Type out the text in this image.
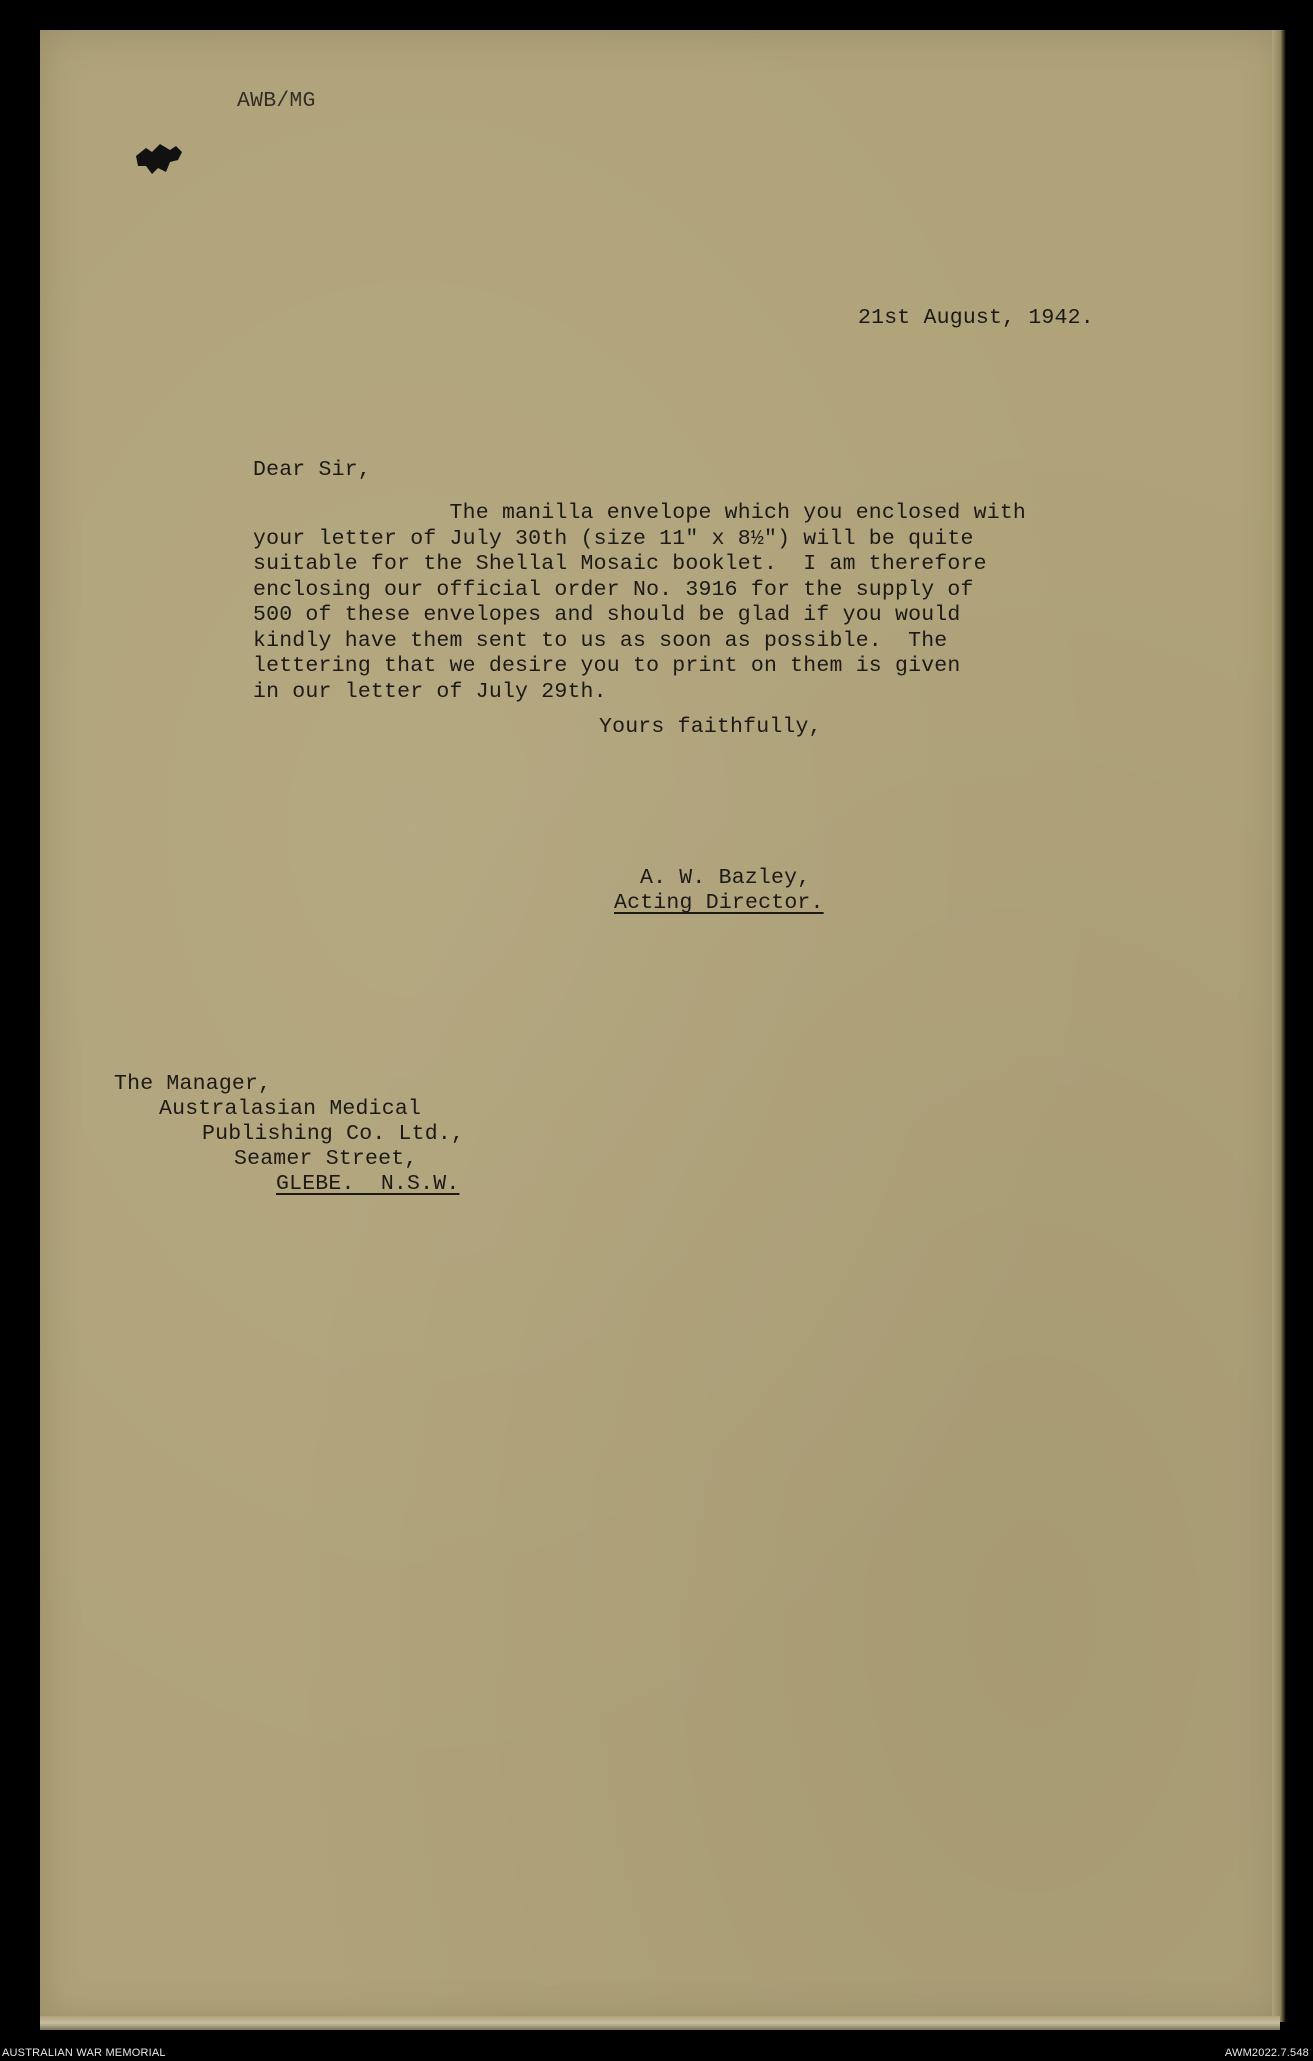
AWB/MG
21st August, 1942.
Dear Sir,
The manilla envelope which you enclosed with
your letter of July 30th (size 11" x 8½") will be quite
suitable for the Shellal Mosaic booklet.  I am therefore
enclosing our official order No. 3916 for the supply of
500 of these envelopes and should be glad if you would
kindly have them sent to us as soon as possible.  The
lettering that we desire you to print on them is given
in our letter of July 29th.
Yours faithfully,
A. W. Bazley,
Acting Director.
The Manager,
Australasian Medical
Publishing Co. Ltd.,
Seamer Street,
GLEBE.  N.S.W.
AUSTRALIAN WAR MEMORIAL	AWM2022.7.548
